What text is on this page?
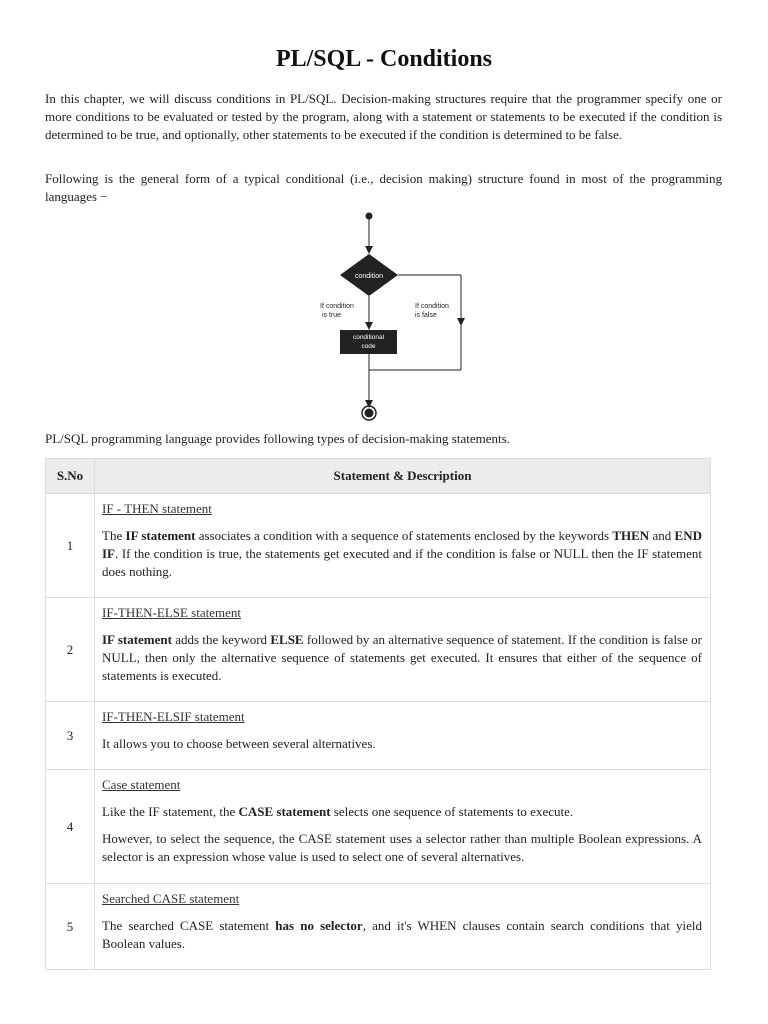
PL/SQL - Conditions

In this chapter, we will discuss conditions in PL/SQL. Decision-making structures require that the programmer specify one or more conditions to be evaluated or tested by the program, along with a statement or statements to be executed if the condition is determined to be true, and optionally, other statements to be executed if the condition is determined to be false.

Following is the general form of a typical conditional (i.e., decision making) structure found in most of the programming languages −

condition
If condition
is true
conditional
code
If condition
is false

PL/SQL programming language provides following types of decision-making statements.

S.No	Statement & Description
1	IF - THEN statement
The IF statement associates a condition with a sequence of statements enclosed by the keywords THEN and END IF. If the condition is true, the statements get executed and if the condition is false or NULL then the IF statement does nothing.

2	IF-THEN-ELSE statement
IF statement adds the keyword ELSE followed by an alternative sequence of statement. If the condition is false or NULL, then only the alternative sequence of statements get executed. It ensures that either of the sequence of statements is executed.

3	IF-THEN-ELSIF statement
It allows you to choose between several alternatives.

4	Case statement
Like the IF statement, the CASE statement selects one sequence of statements to execute.
However, to select the sequence, the CASE statement uses a selector rather than multiple Boolean expressions. A selector is an expression whose value is used to select one of several alternatives.

5	Searched CASE statement
The searched CASE statement has no selector, and it's WHEN clauses contain search conditions that yield Boolean values.
